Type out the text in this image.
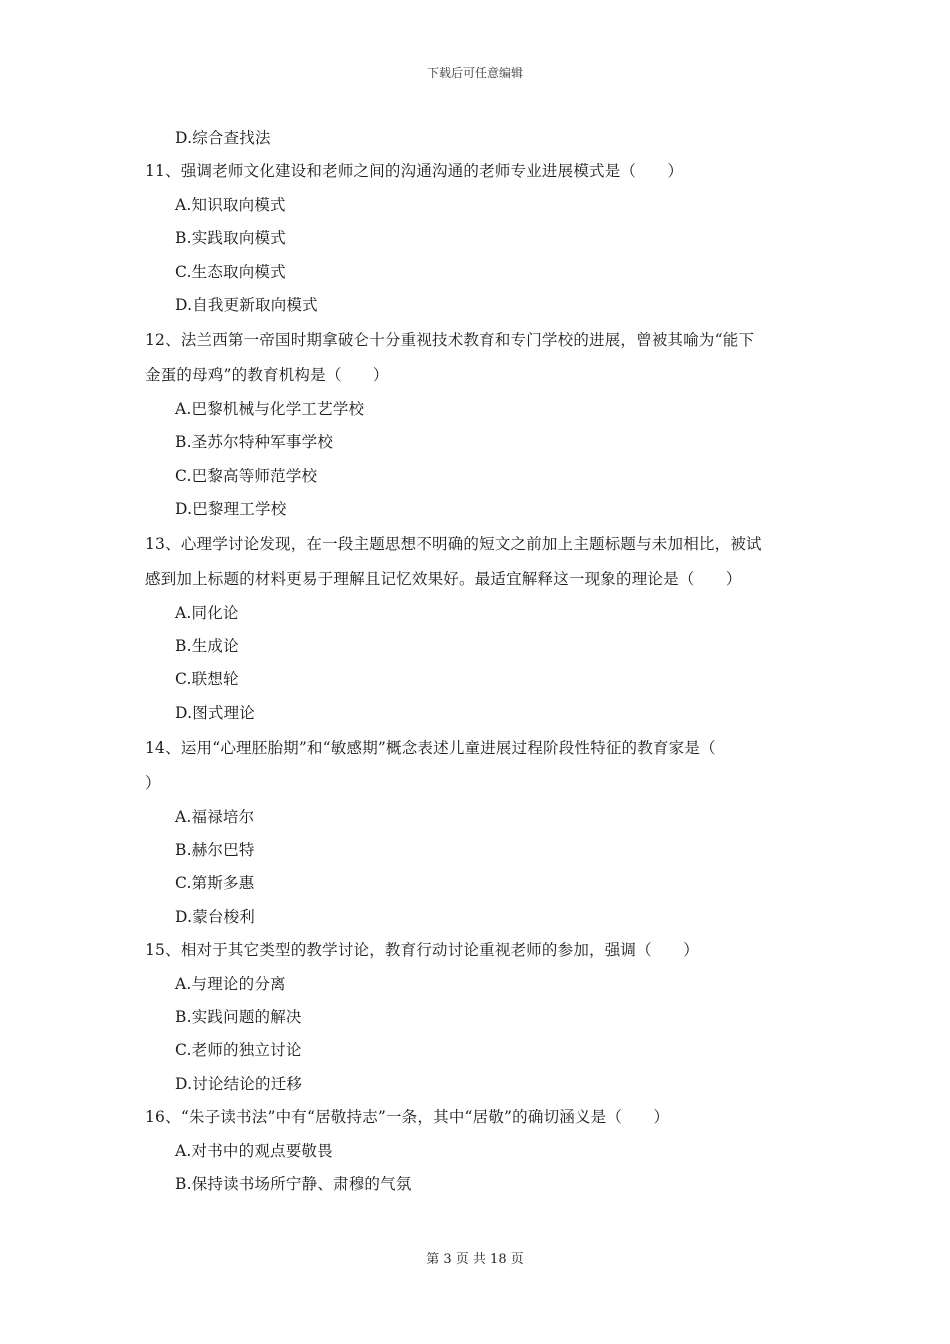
下载后可任意编辑
D.综合查找法
11、强调老师文化建设和老师之间的沟通沟通的老师专业进展模式是（　　）
A.知识取向模式
B.实践取向模式
C.生态取向模式
D.自我更新取向模式
12、法兰西第一帝国时期拿破仑十分重视技术教育和专门学校的进展，曾被其喻为“能下
金蛋的母鸡”的教育机构是（　　）
A.巴黎机械与化学工艺学校
B.圣苏尔特种军事学校
C.巴黎高等师范学校
D.巴黎理工学校
13、心理学讨论发现，在一段主题思想不明确的短文之前加上主题标题与未加相比，被试
感到加上标题的材料更易于理解且记忆效果好。最适宜解释这一现象的理论是（　　）
A.同化论
B.生成论
C.联想轮
D.图式理论
14、运用“心理胚胎期”和“敏感期”概念表述儿童进展过程阶段性特征的教育家是（
）
A.福禄培尔
B.赫尔巴特
C.第斯多惠
D.蒙台梭利
15、相对于其它类型的教学讨论，教育行动讨论重视老师的参加，强调（　　）
A.与理论的分离
B.实践问题的解决
C.老师的独立讨论
D.讨论结论的迁移
16、“朱子读书法”中有“居敬持志”一条，其中“居敬”的确切涵义是（　　）
A.对书中的观点要敬畏
B.保持读书场所宁静、肃穆的气氛
第 3 页 共 18 页
